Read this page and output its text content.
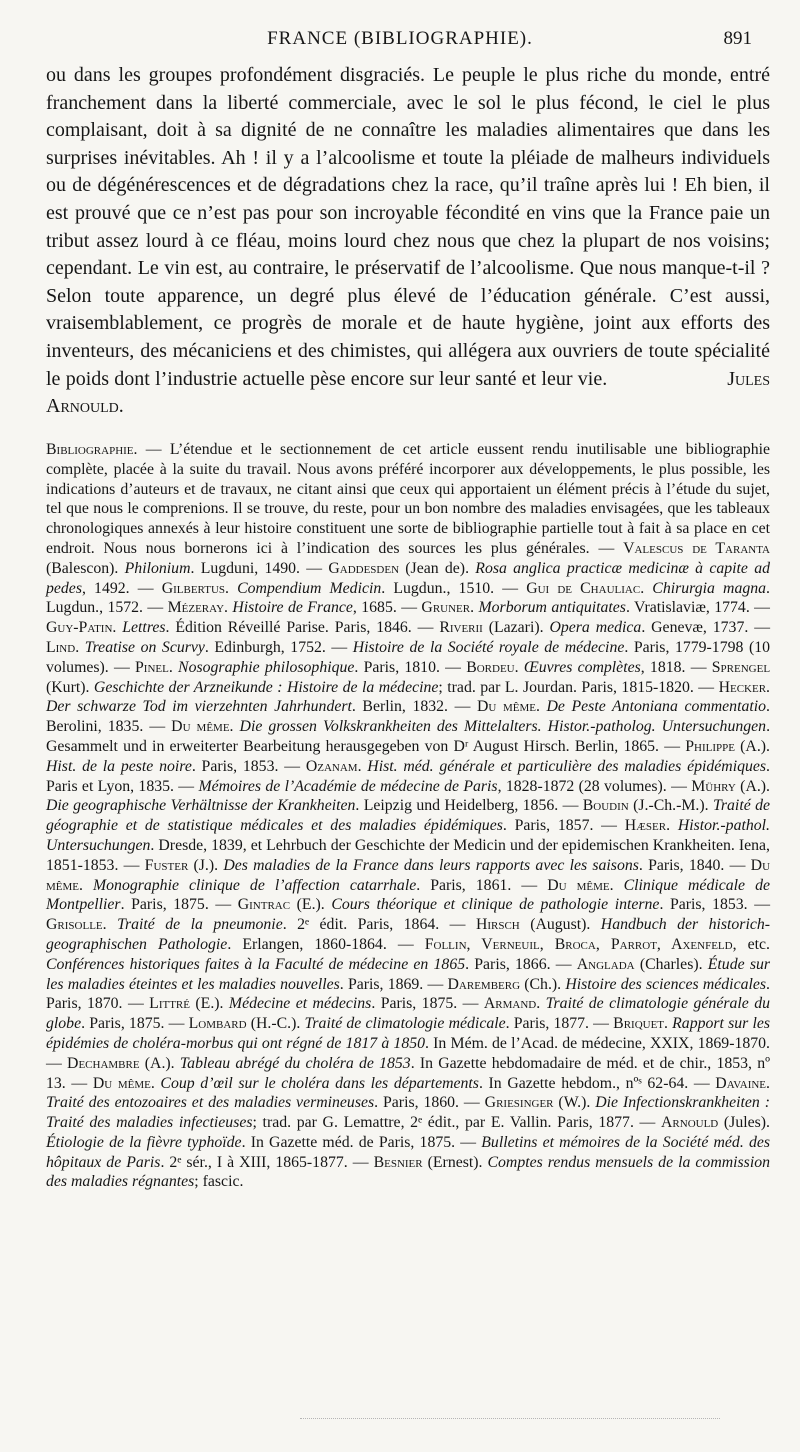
FRANCE (BIBLIOGRAPHIE).	891

ou dans les groupes profondément disgraciés. Le peuple le plus riche du monde, entré franchement dans la liberté commerciale, avec le sol le plus fécond, le ciel le plus complaisant, doit à sa dignité de ne connaître les maladies alimentaires que dans les surprises inévitables. Ah ! il y a l’alcoolisme et toute la pléiade de malheurs individuels ou de dégénérescences et de dégradations chez la race, qu’il traîne après lui ! Eh bien, il est prouvé que ce n’est pas pour son incroyable fécondité en vins que la France paie un tribut assez lourd à ce fléau, moins lourd chez nous que chez la plupart de nos voisins; cependant. Le vin est, au contraire, le préservatif de l’alcoolisme. Que nous manque-t-il ? Selon toute apparence, un degré plus élevé de l’éducation générale. C’est aussi, vraisemblablement, ce progrès de morale et de haute hygiène, joint aux efforts des inventeurs, des mécaniciens et des chimistes, qui allégera aux ouvriers de toute spécialité le poids dont l’industrie actuelle pèse encore sur leur santé et leur vie.	Jules Arnould.

Bibliographie. — L’étendue et le sectionnement de cet article eussent rendu inutilisable une bibliographie complète, placée à la suite du travail. Nous avons préféré incorporer aux développements, le plus possible, les indications d’auteurs et de travaux, ne citant ainsi que ceux qui apportaient un élément précis à l’étude du sujet, tel que nous le comprenions. Il se trouve, du reste, pour un bon nombre des maladies envisagées, que les tableaux chronologiques annexés à leur histoire constituent une sorte de bibliographie partielle tout à fait à sa place en cet endroit. Nous nous bornerons ici à l’indication des sources les plus générales. — Valescus de Taranta (Balescon). Philonium. Lugduni, 1490. — Gaddesden (Jean de). Rosa anglica practicæ medicinæ à capite ad pedes, 1492. — Gilbertus. Compendium Medicin. Lugdun., 1510. — Gui de Chauliac. Chirurgia magna. Lugdun., 1572. — Mézeray. Histoire de France, 1685. — Gruner. Morborum antiquitates. Vratislaviæ, 1774. — Guy-Patin. Lettres. Édition Réveillé Parise. Paris, 1846. — Riverii (Lazari). Opera medica. Genevæ, 1737. — Lind. Treatise on Scurvy. Edinburgh, 1752. — Histoire de la Société royale de médecine. Paris, 1779-1798 (10 volumes). — Pinel. Nosographie philosophique. Paris, 1810. — Bordeu. Œuvres complètes, 1818. — Sprengel (Kurt). Geschichte der Arzneikunde : Histoire de la médecine; trad. par L. Jourdan. Paris, 1815-1820. — Hecker. Der schwarze Tod im vierzehnten Jahrhundert. Berlin, 1832. — Du même. De Peste Antoniana commentatio. Berolini, 1835. — Du même. Die grossen Volkskrankheiten des Mittelalters. Histor.-patholog. Untersuchungen. Gesammelt und in erweiterter Bearbeitung herausgegeben von Dʳ August Hirsch. Berlin, 1865. — Philippe (A.). Hist. de la peste noire. Paris, 1853. — Ozanam. Hist. méd. générale et particulière des maladies épidémiques. Paris et Lyon, 1835. — Mémoires de l’Académie de médecine de Paris, 1828-1872 (28 volumes). — Mühry (A.). Die geographische Verhältnisse der Krankheiten. Leipzig und Heidelberg, 1856. — Boudin (J.-Ch.-M.). Traité de géographie et de statistique médicales et des maladies épidémiques. Paris, 1857. — Hæser. Histor.-pathol. Untersuchungen. Dresde, 1839, et Lehrbuch der Geschichte der Medicin und der epidemischen Krankheiten. Iena, 1851-1853. — Fuster (J.). Des maladies de la France dans leurs rapports avec les saisons. Paris, 1840. — Du même. Monographie clinique de l’affection catarrhale. Paris, 1861. — Du même. Clinique médicale de Montpellier. Paris, 1875. — Gintrac (E.). Cours théorique et clinique de pathologie interne. Paris, 1853. — Grisolle. Traité de la pneumonie. 2ᵉ édit. Paris, 1864. — Hirsch (August). Handbuch der historich-geographischen Pathologie. Erlangen, 1860-1864. — Follin, Verneuil, Broca, Parrot, Axenfeld, etc. Conférences historiques faites à la Faculté de médecine en 1865. Paris, 1866. — Anglada (Charles). Étude sur les maladies éteintes et les maladies nouvelles. Paris, 1869. — Daremberg (Ch.). Histoire des sciences médicales. Paris, 1870. — Littré (E.). Médecine et médecins. Paris, 1875. — Armand. Traité de climatologie générale du globe. Paris, 1875. — Lombard (H.-C.). Traité de climatologie médicale. Paris, 1877. — Briquet. Rapport sur les épidémies de choléra-morbus qui ont régné de 1817 à 1850. In Mém. de l’Acad. de médecine, XXIX, 1869-1870. — Dechambre (A.). Tableau abrégé du choléra de 1853. In Gazette hebdomadaire de méd. et de chir., 1853, nº 13. — Du même. Coup d’œil sur le choléra dans les départements. In Gazette hebdom., nºˢ 62-64. — Davaine. Traité des entozoaires et des maladies vermineuses. Paris, 1860. — Griesinger (W.). Die Infectionskrankheiten : Traité des maladies infectieuses; trad. par G. Lemattre, 2ᵉ édit., par E. Vallin. Paris, 1877. — Arnould (Jules). Étiologie de la fièvre typhoïde. In Gazette méd. de Paris, 1875. — Bulletins et mémoires de la Société méd. des hôpitaux de Paris. 2ᵉ sér., I à XIII, 1865-1877. — Besnier (Ernest). Comptes rendus mensuels de la commission des maladies régnantes; fascic.
